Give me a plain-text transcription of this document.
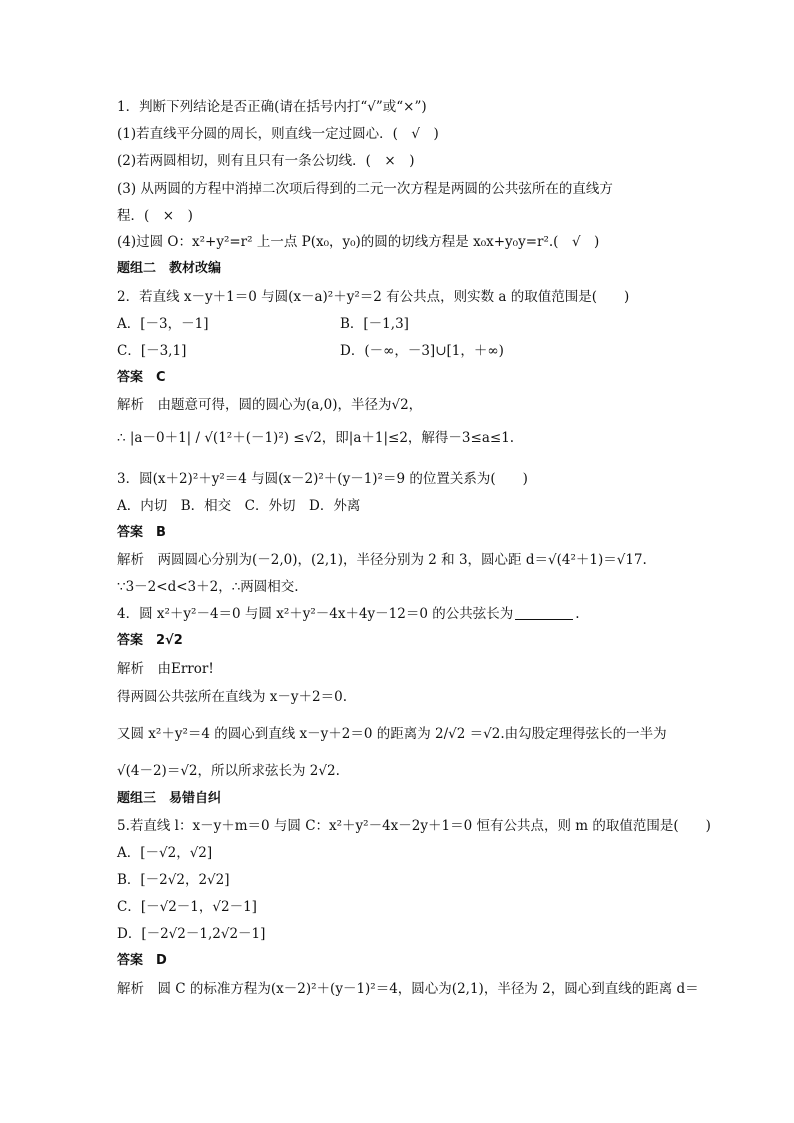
1．判断下列结论是否正确(请在括号内打“√”或“×”)
(1)若直线平分圆的周长，则直线一定过圆心．(　√　)
(2)若两圆相切，则有且只有一条公切线．(　×　)
(3) 从两圆的方程中消掉二次项后得到的二元一次方程是两圆的公共弦所在的直线方
程．(　×　)
(4)过圆 O：x²+y²=r² 上一点 P(x₀，y₀)的圆的切线方程是 x₀x+y₀y=r².(　√　)
题组二　教材改编
2．若直线 x－y＋1＝0 与圆(x－a)²＋y²＝2 有公共点，则实数 a 的取值范围是(　　)
A．[－3，－1]	B．[－1,3]
C．[－3,1]	D．(－∞，－3]∪[1，＋∞)
答案　C
解析　由题意可得，圆的圆心为(a,0)，半径为√2，
∴ |a－0＋1| / √(1²＋(－1)²) ≤√2，即|a＋1|≤2，解得－3≤a≤1.
3．圆(x＋2)²＋y²＝4 与圆(x－2)²＋(y－1)²＝9 的位置关系为(　　)
A．内切　B．相交　C．外切　D．外离
答案　B
解析　两圆圆心分别为(－2,0)，(2,1)，半径分别为 2 和 3，圆心距 d＝√(4²＋1)＝√17.
∵3－2<d<3＋2，∴两圆相交.
4．圆 x²＋y²－4＝0 与圆 x²＋y²－4x＋4y－12＝0 的公共弦长为	.
答案　2√2
解析　由Error!
得两圆公共弦所在直线为 x－y＋2＝0.
又圆 x²＋y²＝4 的圆心到直线 x－y＋2＝0 的距离为 2/√2 ＝√2.由勾股定理得弦长的一半为
√(4－2)＝√2，所以所求弦长为 2√2.
题组三　易错自纠
5.若直线 l：x－y＋m＝0 与圆 C：x²＋y²－4x－2y＋1＝0 恒有公共点，则 m 的取值范围是(　　)
A．[－√2，√2]
B．[－2√2，2√2]
C．[－√2－1，√2－1]
D．[－2√2－1,2√2－1]
答案　D
解析　圆 C 的标准方程为(x－2)²＋(y－1)²＝4，圆心为(2,1)，半径为 2，圆心到直线的距离 d＝
